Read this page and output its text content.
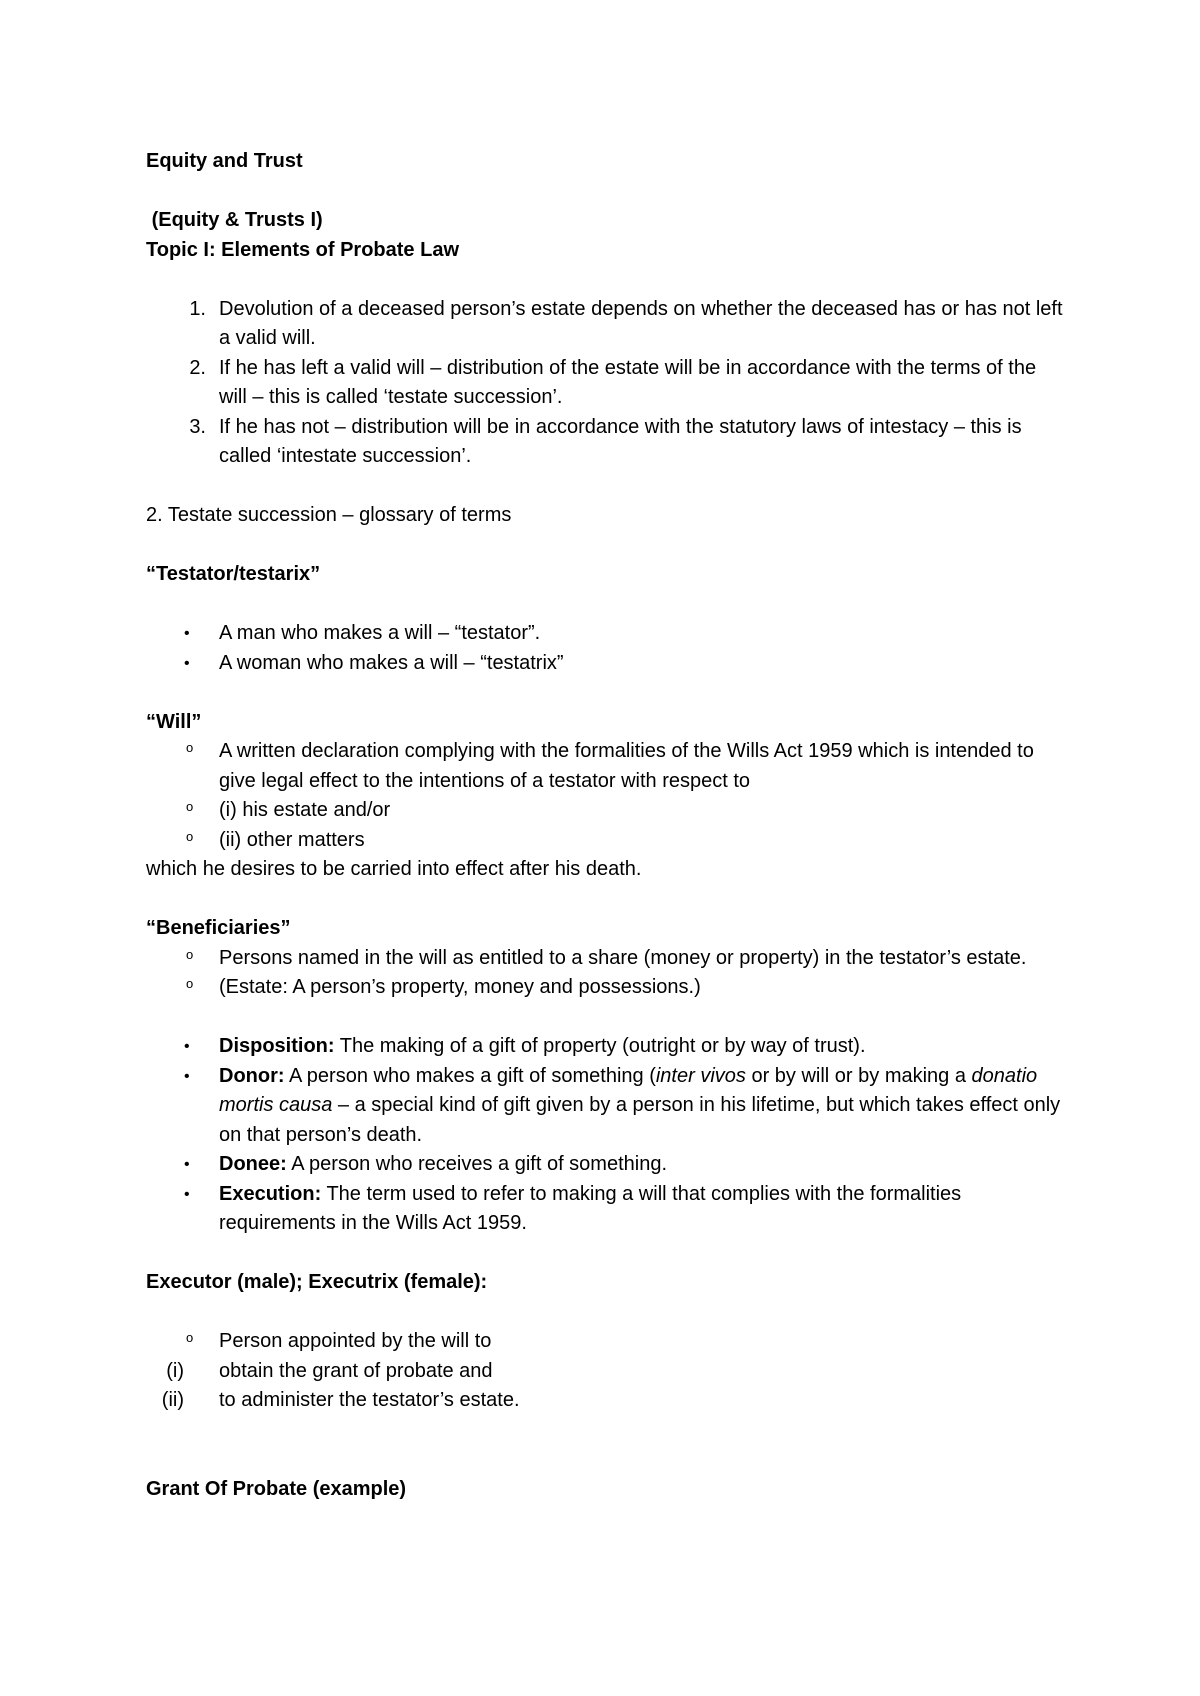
Equity and Trust

(Equity & Trusts I)

Topic I: Elements of Probate Law

1. Devolution of a deceased person’s estate depends on whether the deceased has or has not left a valid will.
2. If he has left a valid will – distribution of the estate will be in accordance with the terms of the will – this is called ‘testate succession’.
3. If he has not – distribution will be in accordance with the statutory laws of intestacy – this is called ‘intestate succession’.

2. Testate succession – glossary of terms

“Testator/testarix”

• A man who makes a will – “testator”.
• A woman who makes a will – “testatrix”

“Will”

o A written declaration complying with the formalities of the Wills Act 1959 which is intended to give legal effect to the intentions of a testator with respect to
o (i) his estate and/or
o (ii) other matters

which he desires to be carried into effect after his death.

“Beneficiaries”

o Persons named in the will as entitled to a share (money or property) in the testator’s estate.
o (Estate: A person’s property, money and possessions.)
• Disposition: The making of a gift of property (outright or by way of trust).
• Donor: A person who makes a gift of something (inter vivos or by will or by making a donatio mortis causa – a special kind of gift given by a person in his lifetime, but which takes effect only on that person’s death.
• Donee: A person who receives a gift of something.
• Execution: The term used to refer to making a will that complies with the formalities requirements in the Wills Act 1959.

Executor (male); Executrix (female):

o Person appointed by the will to
(i) obtain the grant of probate and
(ii) to administer the testator’s estate.

Grant Of Probate (example)
